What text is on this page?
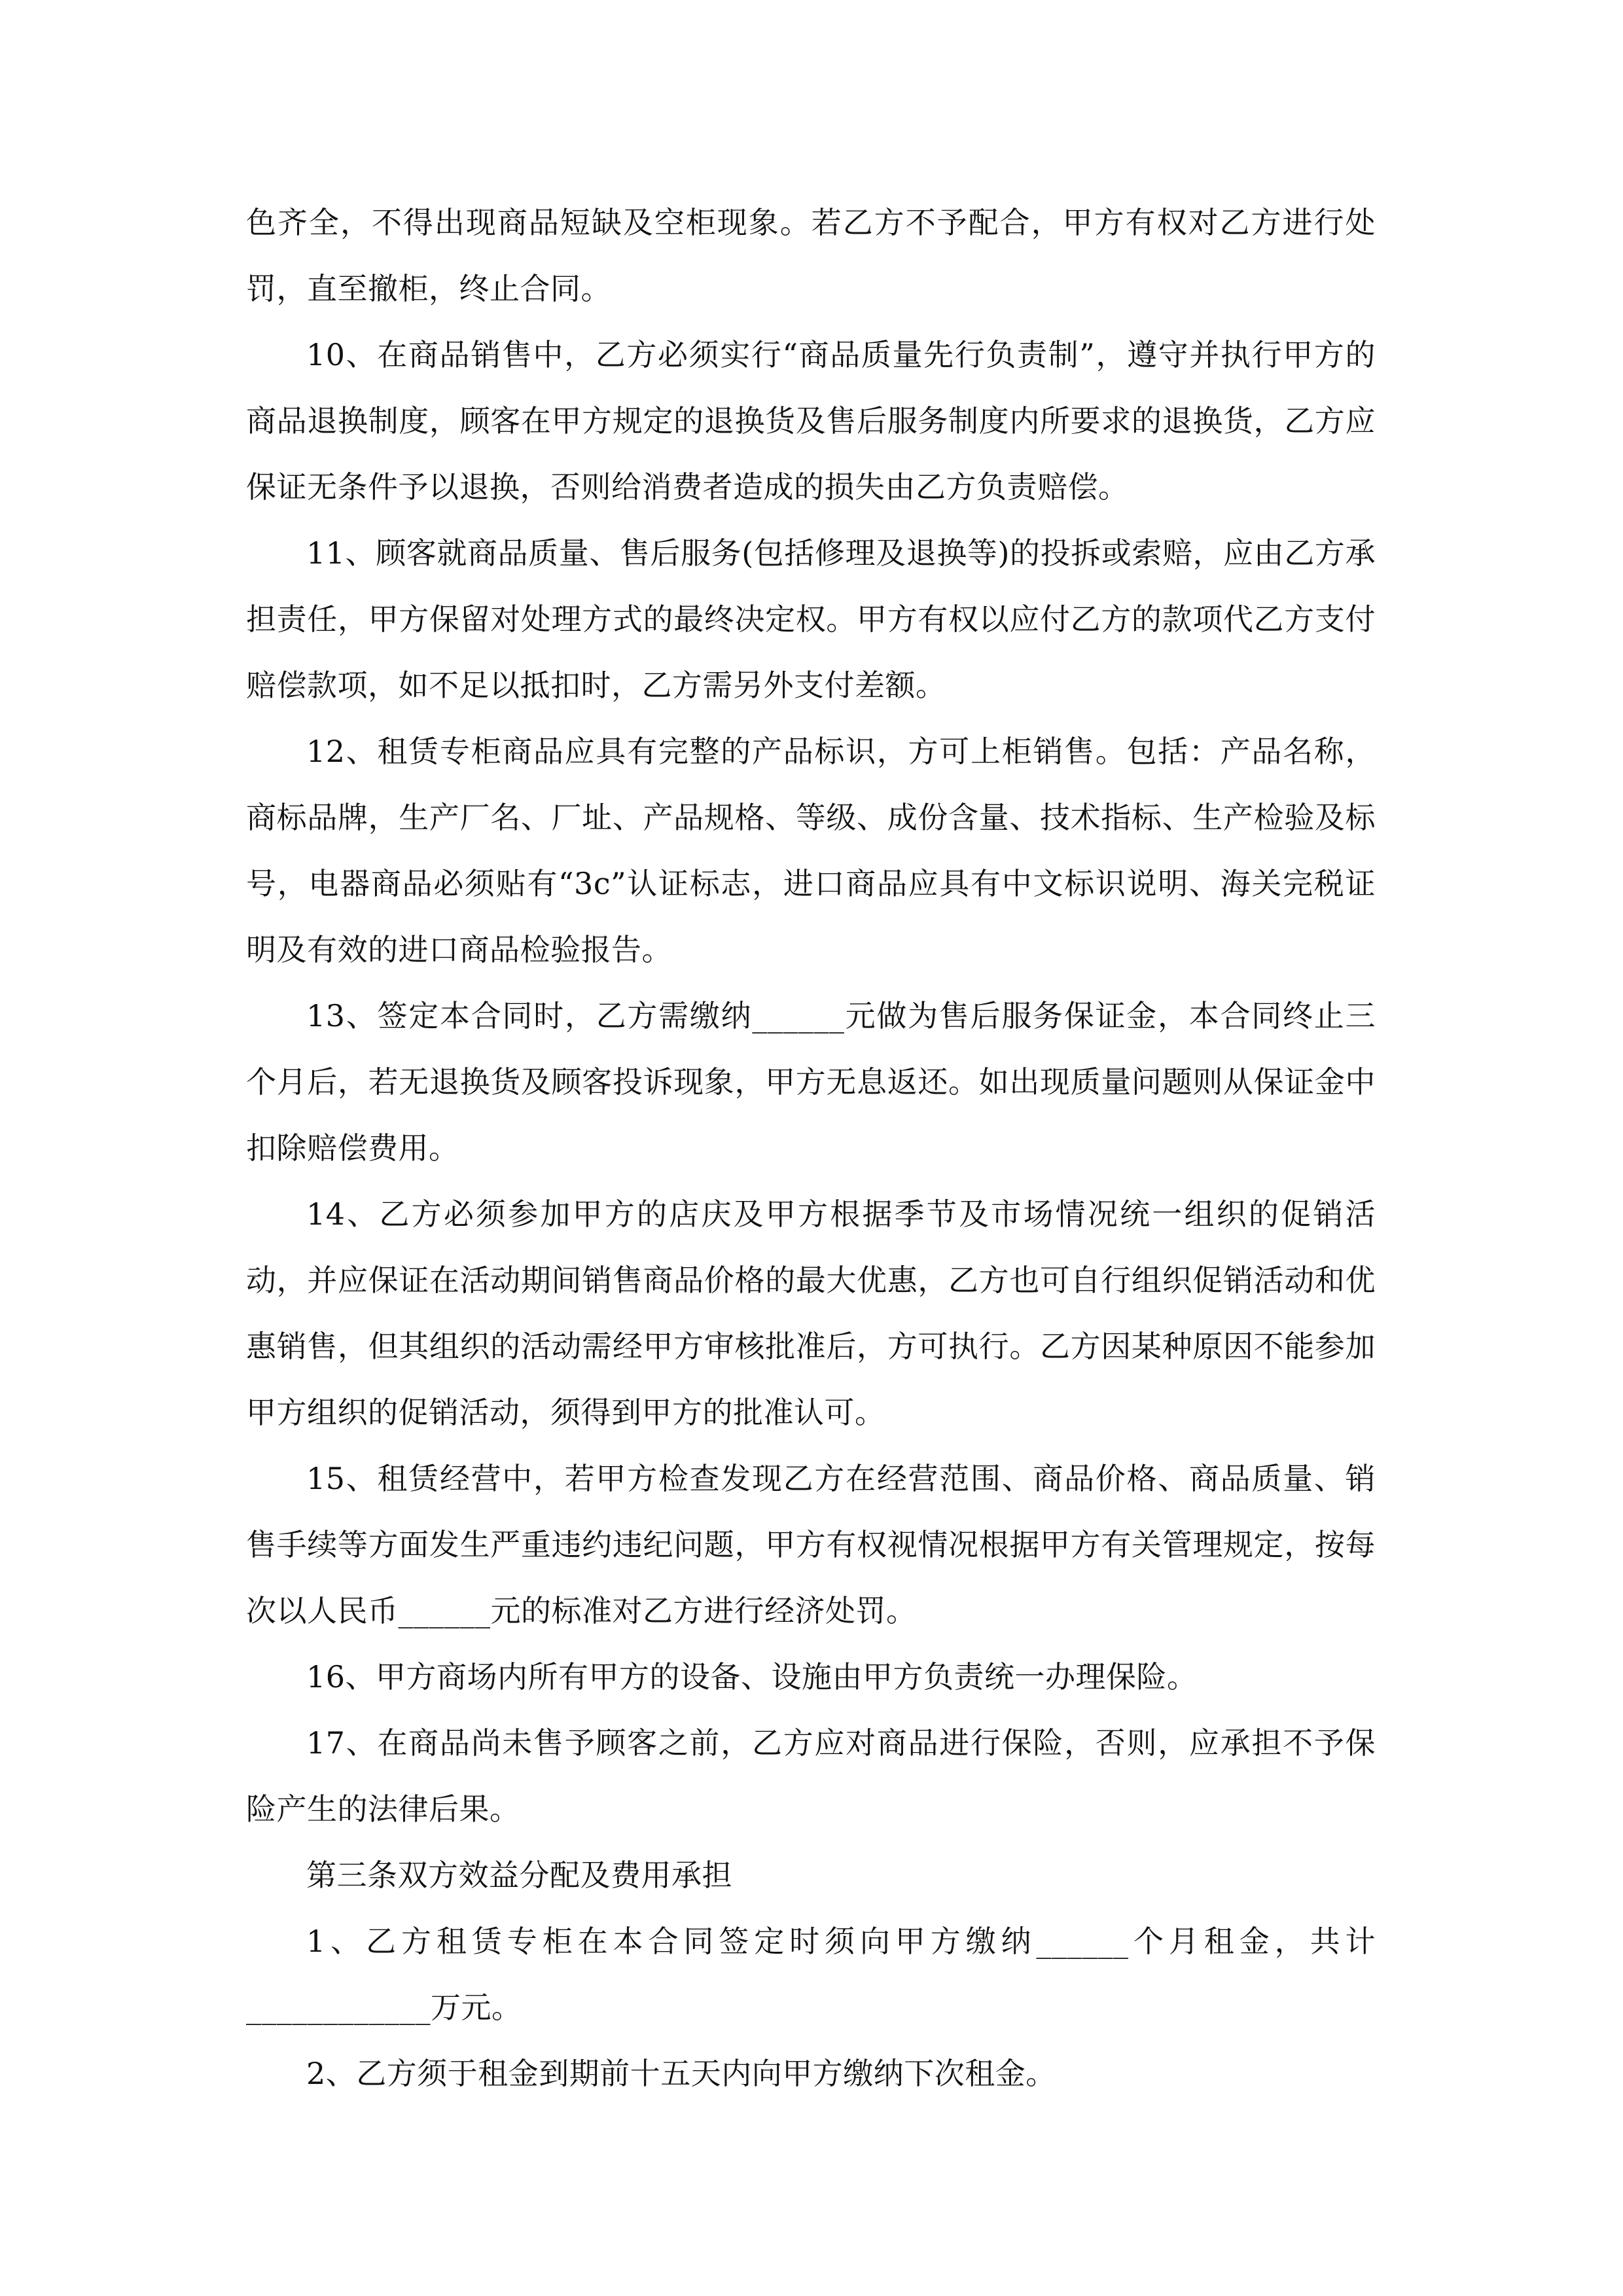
色齐全，不得出现商品短缺及空柜现象。若乙方不予配合，甲方有权对乙方进行处罚，直至撤柜，终止合同。

10、在商品销售中，乙方必须实行“商品质量先行负责制”，遵守并执行甲方的商品退换制度，顾客在甲方规定的退换货及售后服务制度内所要求的退换货，乙方应保证无条件予以退换，否则给消费者造成的损失由乙方负责赔偿。

11、顾客就商品质量、售后服务(包括修理及退换等)的投拆或索赔，应由乙方承担责任，甲方保留对处理方式的最终决定权。甲方有权以应付乙方的款项代乙方支付赔偿款项，如不足以抵扣时，乙方需另外支付差额。

12、租赁专柜商品应具有完整的产品标识，方可上柜销售。包括：产品名称，商标品牌，生产厂名、厂址、产品规格、等级、成份含量、技术指标、生产检验及标号，电器商品必须贴有“3c”认证标志，进口商品应具有中文标识说明、海关完税证明及有效的进口商品检验报告。

13、签定本合同时，乙方需缴纳______元做为售后服务保证金，本合同终止三个月后，若无退换货及顾客投诉现象，甲方无息返还。如出现质量问题则从保证金中扣除赔偿费用。

14、乙方必须参加甲方的店庆及甲方根据季节及市场情况统一组织的促销活动，并应保证在活动期间销售商品价格的最大优惠，乙方也可自行组织促销活动和优惠销售，但其组织的活动需经甲方审核批准后，方可执行。乙方因某种原因不能参加甲方组织的促销活动，须得到甲方的批准认可。

15、租赁经营中，若甲方检查发现乙方在经营范围、商品价格、商品质量、销售手续等方面发生严重违约违纪问题，甲方有权视情况根据甲方有关管理规定，按每次以人民币______元的标准对乙方进行经济处罚。

16、甲方商场内所有甲方的设备、设施由甲方负责统一办理保险。

17、在商品尚未售予顾客之前，乙方应对商品进行保险，否则，应承担不予保险产生的法律后果。

第三条双方效益分配及费用承担

1、乙方租赁专柜在本合同签定时须向甲方缴纳______个月租金，共计____________万元。

2、乙方须于租金到期前十五天内向甲方缴纳下次租金。
